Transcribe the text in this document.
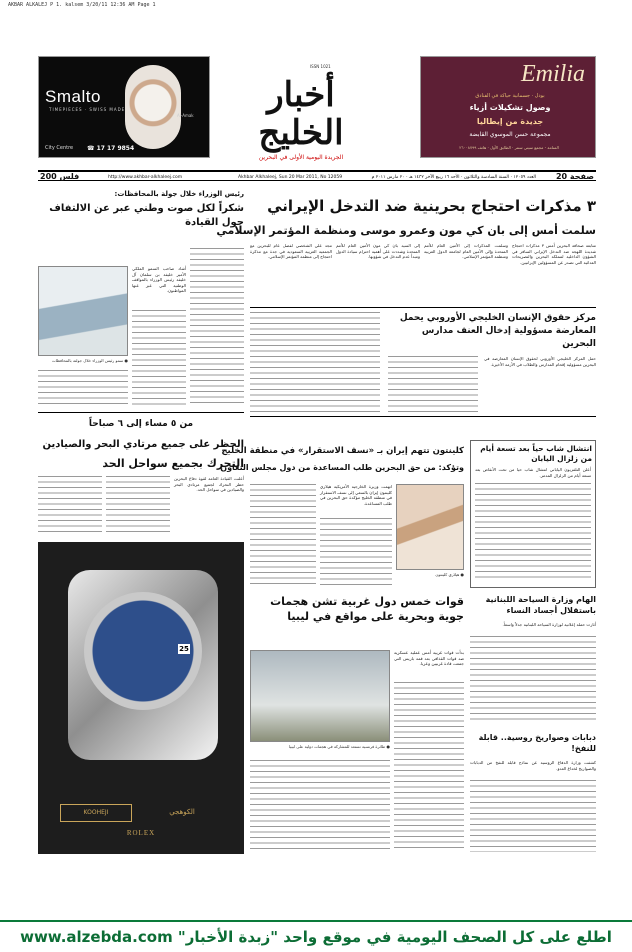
AKBAR ALKALEJ P 1. kalsem 3/20/11 12:36 AM Page 1
Smalto
TIMEPIECES · SWISS MADE
Al-Amak
City Centre ☎ 17 17 9854
ISSN 1021
أخبار الخليج
الجريدة اليومية الأولى في البحرين
Emilia
بودل · جسمانية حياكة في الفنادق
وصول تشكيلات أزياء
جديدة من إيطاليا
مجموعة حسن الموسوي القابضة
المنامة - مجمع سيتي سنتر · الطابق الأول · هاتف ٢٦٠٠٨٧٩٩
20 صفحة
العدد ١٢٠٥٩ · السنة السادسة والثلاثون · الأحد ١٦ ربيع الآخر ١٤٣٢ هـ · ٢٠ مارس ٢٠١١ م
Akhbar Alkhaleej, Sun 20 Mar 2011, No 12059
http://www.akhbar-alkhaleej.com
200 فلس
٣ مذكرات احتجاج بحرينية ضد التدخل الإيراني
سلمت أمس إلى بان كي مون وعمرو موسى ومنظمة المؤتمر الإسلامي
متابعة صحافة البحرين أمس ٣ مذكرات احتجاج شديدة اللهجة ضد التدخل الإيراني السافر في الشؤون الداخلية لمملكة البحرين والتصريحات العدائية التي تصدر عن المسؤولين الإيرانيين.
وسلمت المذكرات إلى الأمين العام للأمم المتحدة وإلى الأمين العام لجامعة الدول العربية ومنظمة المؤتمر الإسلامي.
إلى السيد بان كي مون الأمين العام للأمم المتحدة وشددت على أهمية احترام سيادة الدول ومبدأ عدم التدخل في شؤونها.
مجد علي الشخصي لفصل عام للبحرين مع الجمعية العربية السعودية في جدة مع مذكرة احتجاج إلى منظمة المؤتمر الإسلامي.
مركز حقوق الإنسان الخليجي الأوروبي يحمل المعارضة مسؤولية إدخال العنف مدارس البحرين
حمل المركز الخليجي الأوروبي لحقوق الإنسان المعارضة في البحرين مسؤولية إقحام المدارس والطلاب في الأزمة الأخيرة.
انتشال شاب حياً بعد تسعة أيام من زلزال اليابان
أعلن التلفزيون الياباني انتشال شاب حيا من تحت الأنقاض بعد تسعة أيام من الزلزال المدمر.
كلينتون تتهم إيران بـ «نسف الاستقرار» في منطقة الخليج
وتؤكد: من حق البحرين طلب المساعدة من دول مجلس التعاون
● هيلاري كلينتون
اتهمت وزيرة الخارجية الأمريكية هيلاري كلينتون إيران بالسعي إلى نسف الاستقرار في منطقة الخليج مؤكدة حق البحرين في طلب المساعدة.
الهام وزارة السياحة اللبنانية باستقلال أجساد النساء
أثارت حملة إعلانية لوزارة السياحة اللبنانية جدلاً واسعاً.
قوات خمس دول غربية تشن هجمات جوية وبحرية على مواقع في ليبيا
● طائرة فرنسية تستعد للمشاركة في هجمات دولية على ليبيا
بدأت قوات غربية أمس عملية عسكرية ضد قوات القذافي بعد قمة باريس التي جمعت قادة غربيين وعربا.
دبابات وصواريخ روسية.. قابلة للنفخ!
كشفت وزارة الدفاع الروسية عن نماذج قابلة للنفخ من الدبابات والصواريخ لخداع العدو.
رئيس الوزراء خلال جولة بالمحافظات:
شكراً لكل صوت وطني عبر عن الالتفاف حول القيادة
● سمو رئيس الوزراء خلال جولته بالمحافظات
أشاد صاحب السمو الملكي الأمير خليفة بن سلمان آل خليفة رئيس الوزراء بالمواقف الوطنية التي عبر عنها المواطنون.
من ٥ مساء إلى ٦ صباحاً
الحظر على جميع مرتادي البحر والصيادين
التحرك بجميع سواحل الحد
أعلنت القيادة العامة لقوة دفاع البحرين حظر التحرك لجميع مرتادي البحر والصيادين في سواحل الحد.
25
KOOHEJI	الكوهجي
ROLEX
اطلع على كل الصحف اليومية في موقع واحد "زبدة الأخبار" www.alzebda.com
